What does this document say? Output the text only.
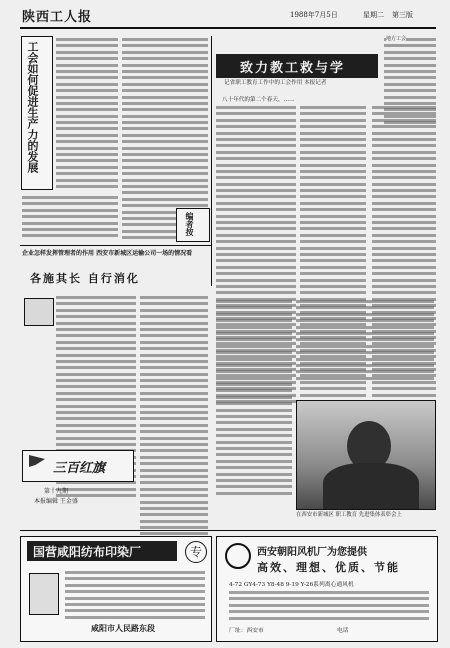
陕西工人报	1988年7月5日	星期二 第三版
工会如何促进生产力的发展
编者按
致力教工救与学
记省职工教育工作中的工会作用 本报记者
地方工会
八十年代的第二个春天，……
企业怎样发挥管理者的作用 西安市新城区运输公司一场的情况看
各施其长 自行消化
三百红旗
第十九期
本报编辑 王金盛
在西安市新城区 职工教育 先进集体表彰会上
国营咸阳纺布印染厂	专
咸阳市人民路东段
西安朝阳风机厂为您提供
高效、理想、优质、节能
4-72 GY4-73 Y8-48 9-19 Y-26系列离心通风机
厂址：西安市	电话
